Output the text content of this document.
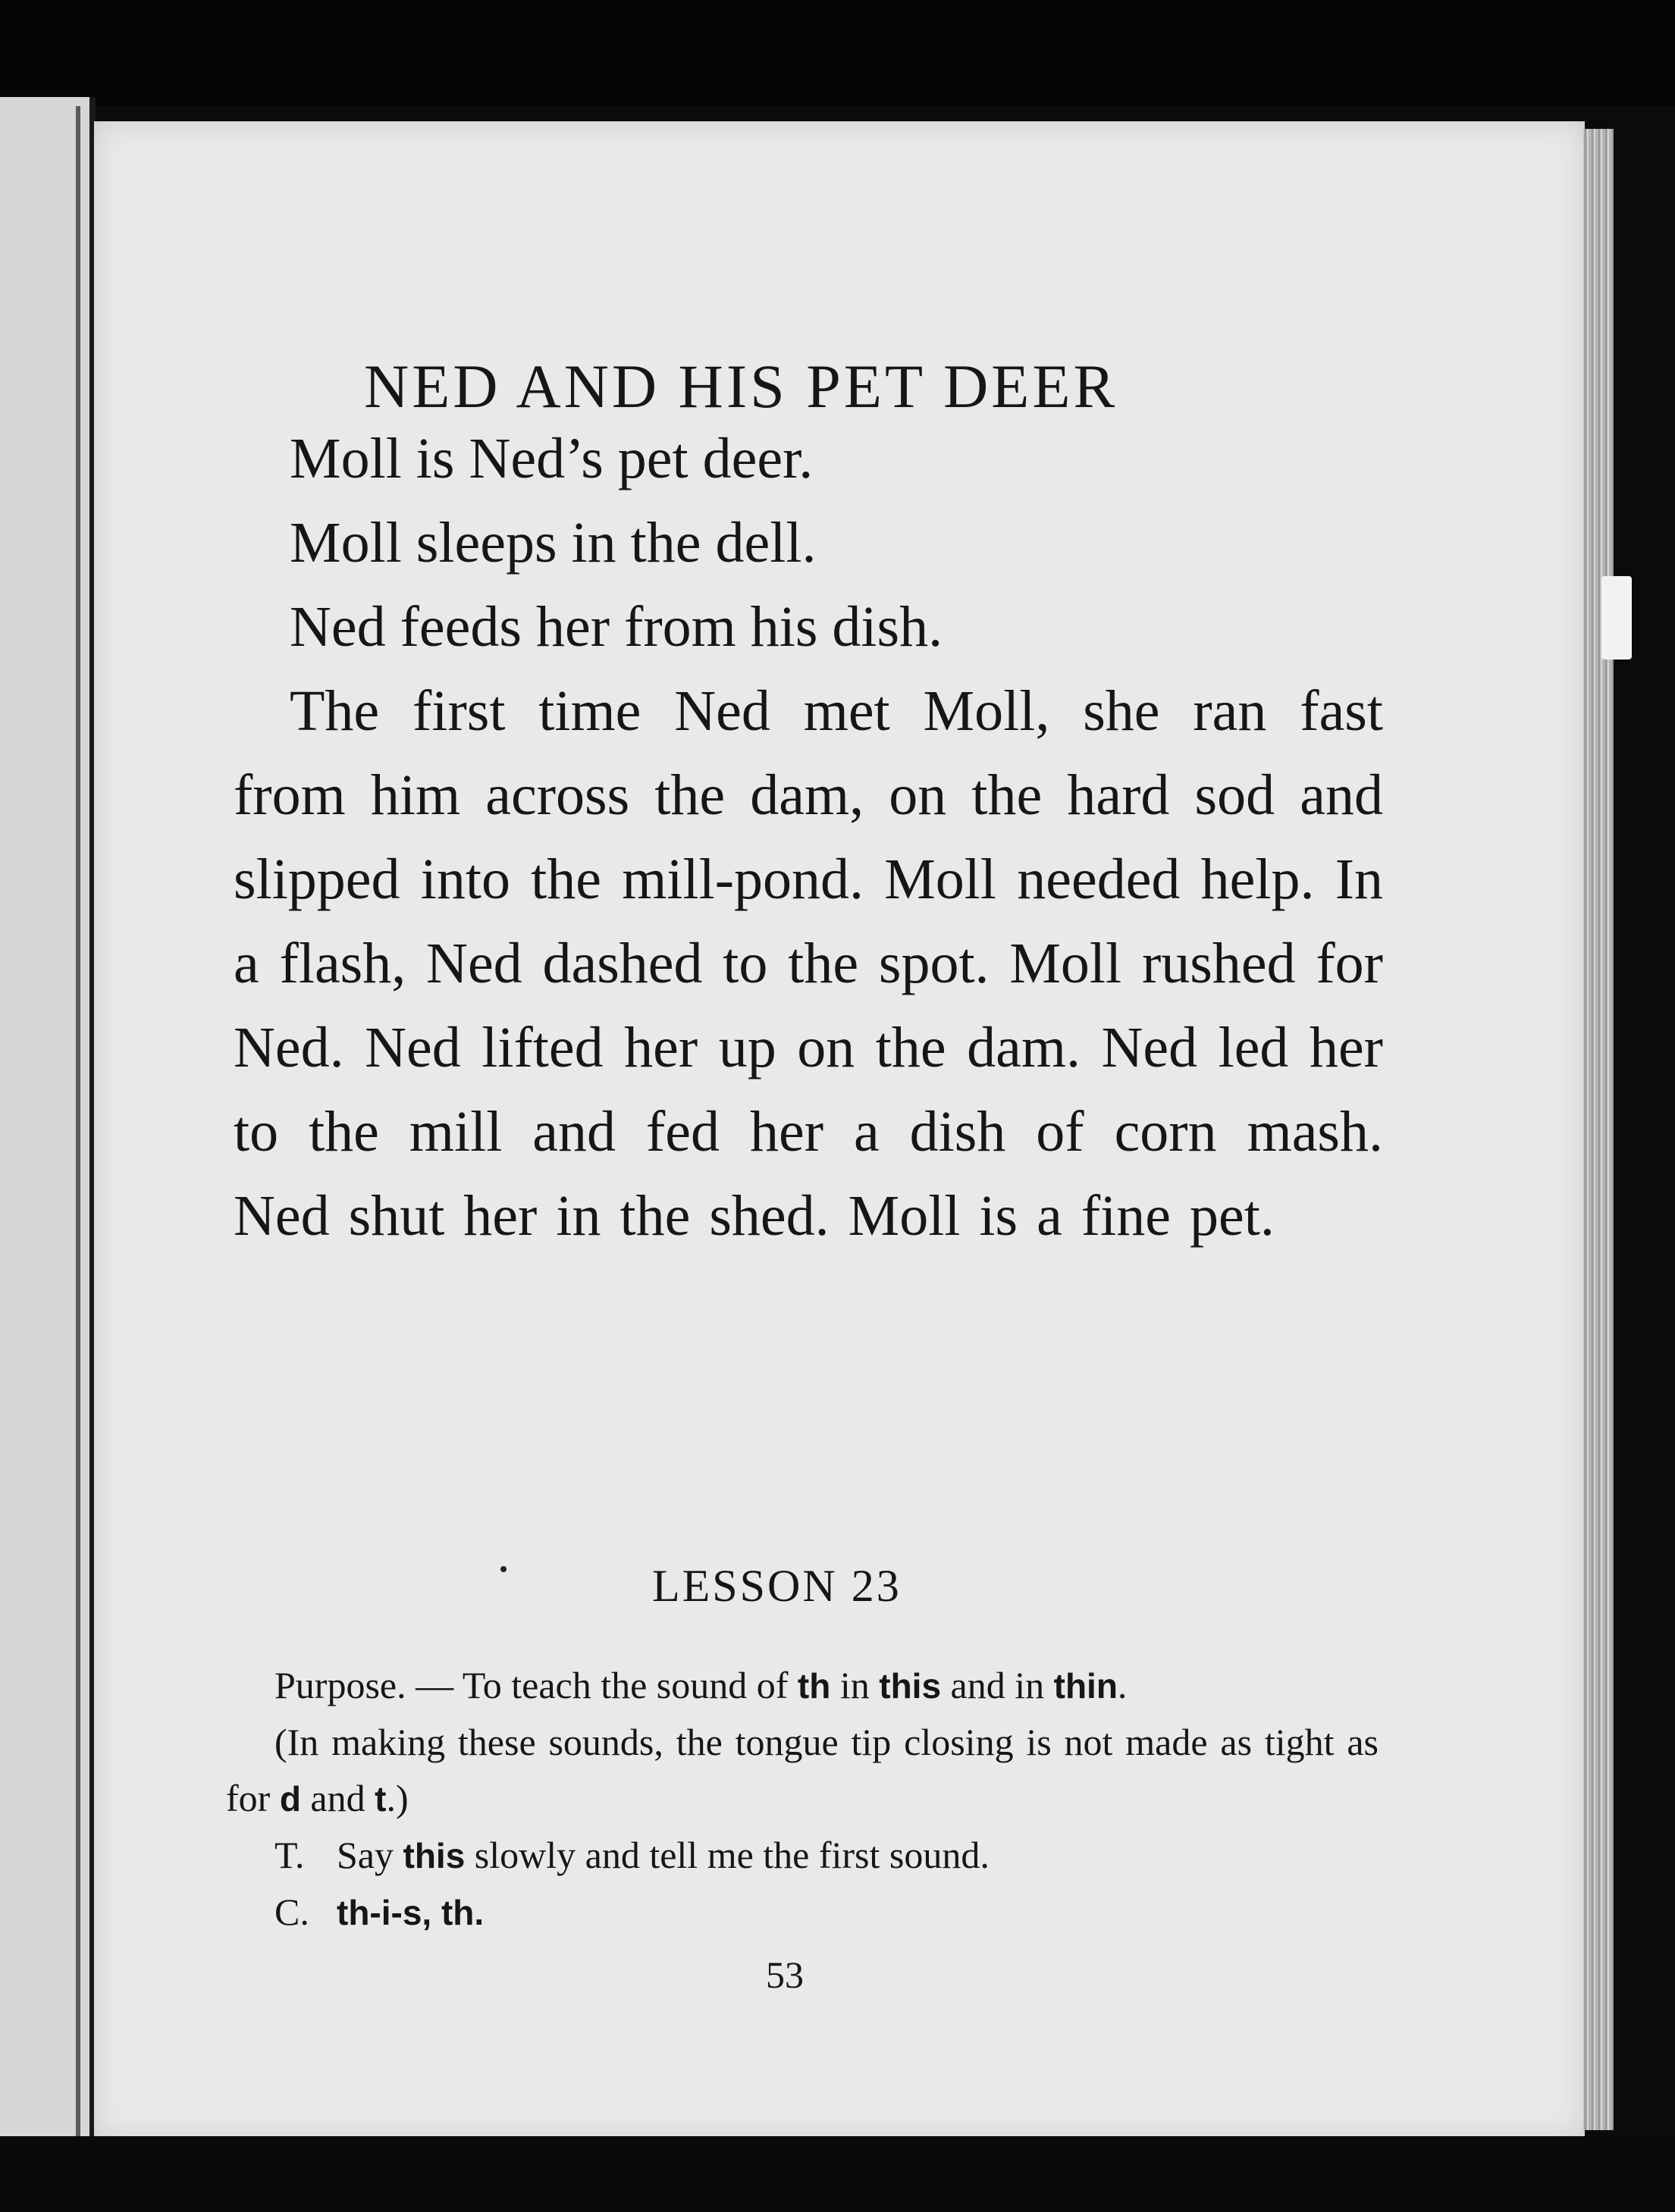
NED AND HIS PET DEER
Moll is Ned’s pet deer.
Moll sleeps in the dell.
Ned feeds her from his dish.
The first time Ned met Moll, she ran fast from him across the dam, on the hard sod and slipped into the mill-pond. Moll needed help. In a flash, Ned dashed to the spot. Moll rushed for Ned. Ned lifted her up on the dam. Ned led her to the mill and fed her a dish of corn mash. Ned shut her in the shed. Moll is a fine pet.
LESSON 23
Purpose. — To teach the sound of th in this and in thin.
(In making these sounds, the tongue tip closing is not made as tight as for d and t.)
T. Say this slowly and tell me the first sound.
C. th-i-s, th.
53
